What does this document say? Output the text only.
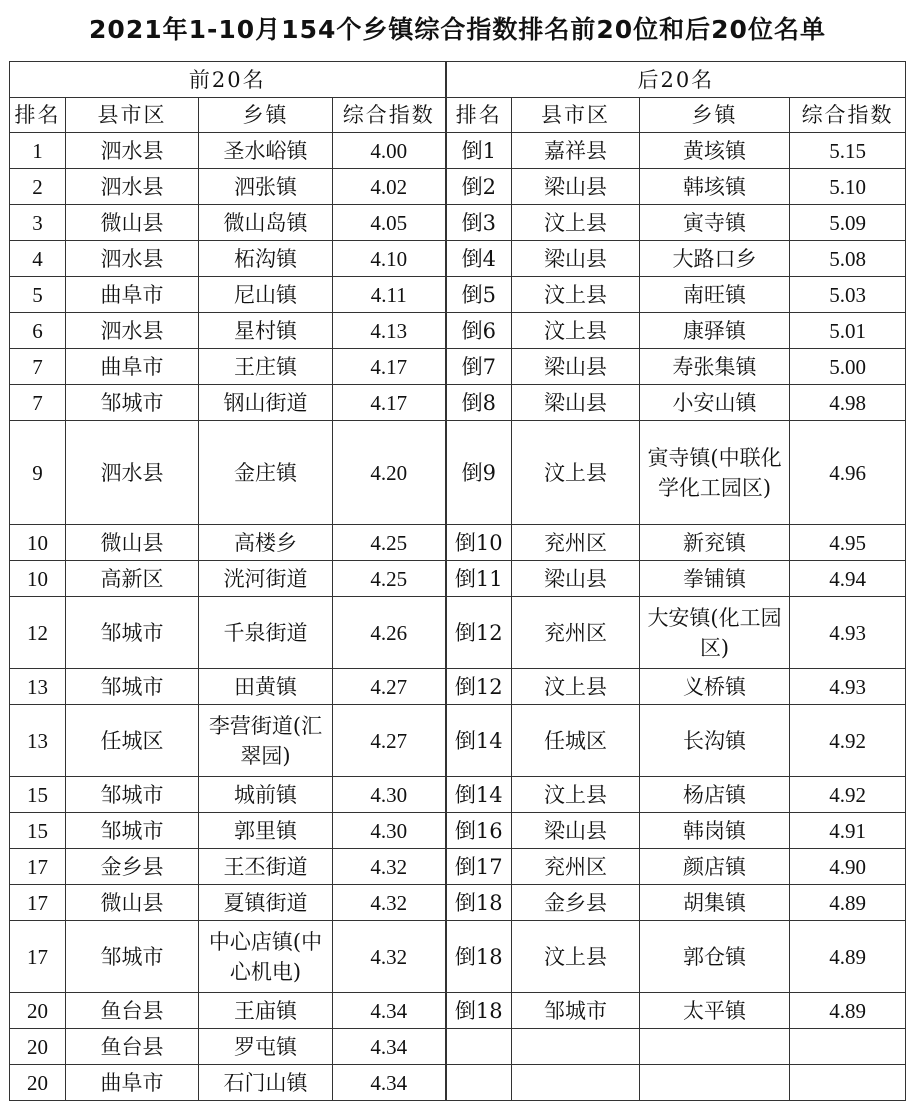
2021年1-10月154个乡镇综合指数排名前20位和后20位名单
前20名				后20名			
排名	县市区	乡镇	综合指数	排名	县市区	乡镇	综合指数
1	泗水县	圣水峪镇	4.00	倒1	嘉祥县	黄垓镇	5.15
2	泗水县	泗张镇	4.02	倒2	梁山县	韩垓镇	5.10
3	微山县	微山岛镇	4.05	倒3	汶上县	寅寺镇	5.09
4	泗水县	柘沟镇	4.10	倒4	梁山县	大路口乡	5.08
5	曲阜市	尼山镇	4.11	倒5	汶上县	南旺镇	5.03
6	泗水县	星村镇	4.13	倒6	汶上县	康驿镇	5.01
7	曲阜市	王庄镇	4.17	倒7	梁山县	寿张集镇	5.00
7	邹城市	钢山街道	4.17	倒8	梁山县	小安山镇	4.98
9	泗水县	金庄镇	4.20	倒9	汶上县	寅寺镇(中联化学化工园区)	4.96
10	微山县	高楼乡	4.25	倒10	兖州区	新兖镇	4.95
10	高新区	洸河街道	4.25	倒11	梁山县	拳铺镇	4.94
12	邹城市	千泉街道	4.26	倒12	兖州区	大安镇(化工园区)	4.93
13	邹城市	田黄镇	4.27	倒12	汶上县	义桥镇	4.93
13	任城区	李营街道(汇翠园)	4.27	倒14	任城区	长沟镇	4.92
15	邹城市	城前镇	4.30	倒14	汶上县	杨店镇	4.92
15	邹城市	郭里镇	4.30	倒16	梁山县	韩岗镇	4.91
17	金乡县	王丕街道	4.32	倒17	兖州区	颜店镇	4.90
17	微山县	夏镇街道	4.32	倒18	金乡县	胡集镇	4.89
17	邹城市	中心店镇(中心机电)	4.32	倒18	汶上县	郭仓镇	4.89
20	鱼台县	王庙镇	4.34	倒18	邹城市	太平镇	4.89
20	鱼台县	罗屯镇	4.34				
20	曲阜市	石门山镇	4.34				
